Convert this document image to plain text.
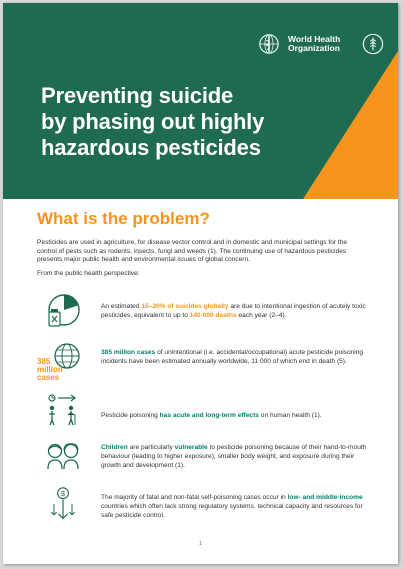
World Health Organization
Preventing suicide
by phasing out highly
hazardous pesticides
What is the problem?

Pesticides are used in agriculture, for disease vector control and in domestic and municipal settings for the control of pests such as rodents, insects, fungi and weeds (1). The continuing use of hazardous pesticides presents major public health and environmental issues of global concern.

From the public health perspective:
An estimated 15–20% of suicides globally are due to intentional ingestion of acutely toxic pesticides, equivalent to up to 140 000 deaths each year (2–4).
385
million
cases
385 million cases of unintentional (i.e. accidental/occupational) acute pesticide poisoning incidents have been estimated annually worldwide, 11 000 of which end in death (5).
Pesticide poisoning has acute and long-term effects on human health (1).
Children are particularly vulnerable to pesticide poisoning because of their hand-to-mouth behaviour (leading to higher exposure), smaller body weight, and exposure during their growth and development (1).
$	The majority of fatal and non-fatal self-poisoning cases occur in low- and middle-income countries which often lack strong regulatory systems, technical capacity and resources for safe pesticide control.
1
